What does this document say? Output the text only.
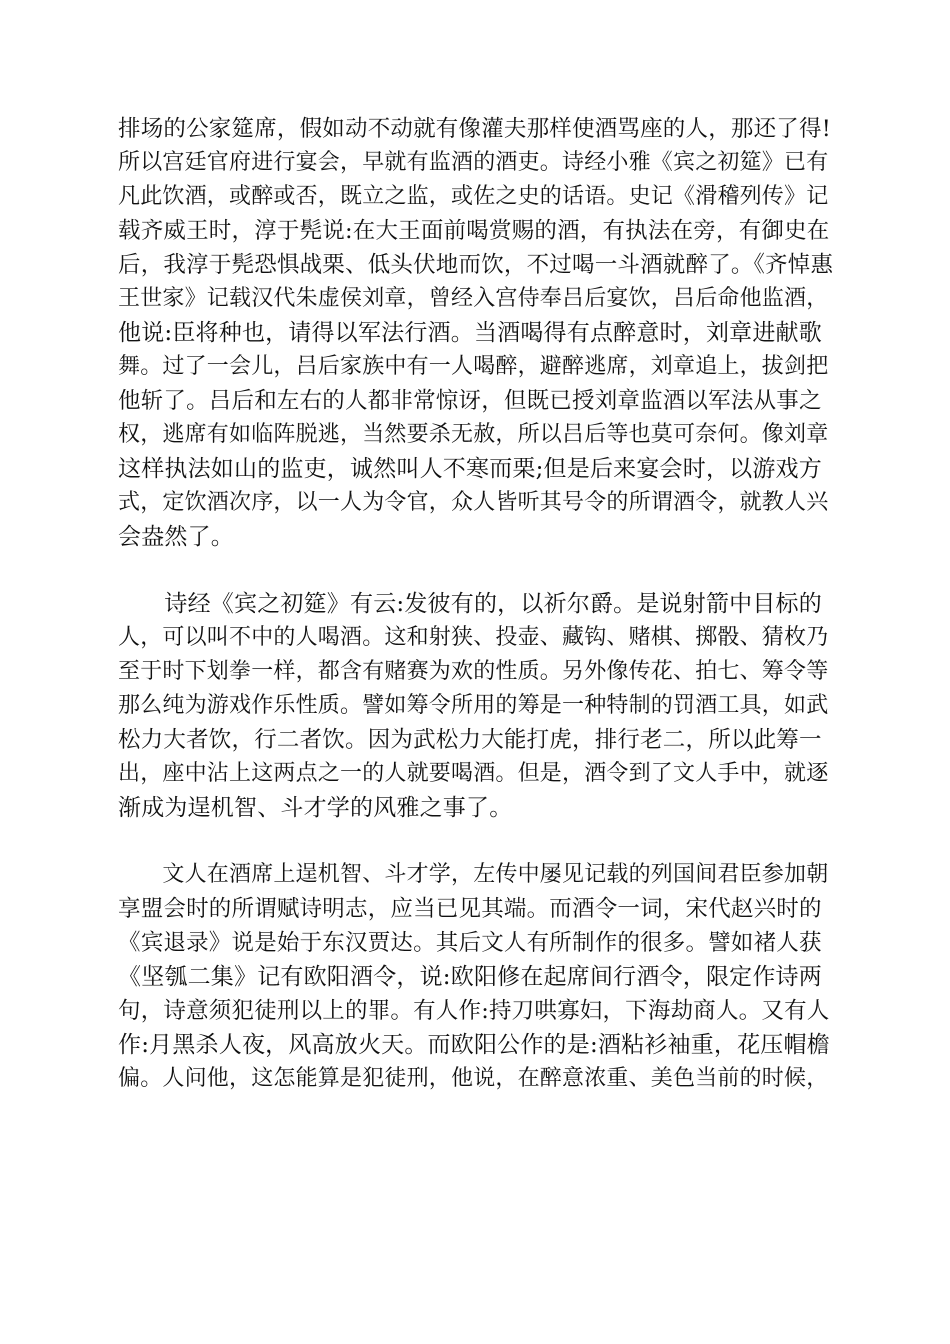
排场的公家筵席，假如动不动就有像灌夫那样使酒骂座的人，那还了得!
所以宫廷官府进行宴会，早就有监酒的酒吏。诗经小雅《宾之初筵》已有
凡此饮酒，或醉或否，既立之监，或佐之史的话语。史记《滑稽列传》记
载齐威王时，淳于髡说:在大王面前喝赏赐的酒，有执法在旁，有御史在
后，我淳于髡恐惧战栗、低头伏地而饮，不过喝一斗酒就醉了。《齐悼惠
王世家》记载汉代朱虚侯刘章，曾经入宫侍奉吕后宴饮，吕后命他监酒，
他说:臣将种也，请得以军法行酒。当酒喝得有点醉意时，刘章进献歌
舞。过了一会儿，吕后家族中有一人喝醉，避醉逃席，刘章追上，拔剑把
他斩了。吕后和左右的人都非常惊讶，但既已授刘章监酒以军法从事之
权，逃席有如临阵脱逃，当然要杀无赦，所以吕后等也莫可奈何。像刘章
这样执法如山的监吏，诚然叫人不寒而栗;但是后来宴会时，以游戏方
式，定饮酒次序，以一人为令官，众人皆听其号令的所谓酒令，就教人兴
会盎然了。
　　诗经《宾之初筵》有云:发彼有的，以祈尔爵。是说射箭中目标的
人，可以叫不中的人喝酒。这和射狭、投壶、藏钩、赌棋、掷骰、猜枚乃
至于时下划拳一样，都含有赌赛为欢的性质。另外像传花、拍七、筹令等
那么纯为游戏作乐性质。譬如筹令所用的筹是一种特制的罚酒工具，如武
松力大者饮，行二者饮。因为武松力大能打虎，排行老二，所以此筹一
出，座中沾上这两点之一的人就要喝酒。但是，酒令到了文人手中，就逐
渐成为逞机智、斗才学的风雅之事了。
　　文人在酒席上逞机智、斗才学，左传中屡见记载的列国间君臣参加朝
享盟会时的所谓赋诗明志，应当已见其端。而酒令一词，宋代赵兴时的
《宾退录》说是始于东汉贾达。其后文人有所制作的很多。譬如褚人获
《坚瓠二集》记有欧阳酒令，说:欧阳修在起席间行酒令，限定作诗两
句，诗意须犯徒刑以上的罪。有人作:持刀哄寡妇，下海劫商人。又有人
作:月黑杀人夜，风高放火天。而欧阳公作的是:酒粘衫袖重，花压帽檐
偏。人问他，这怎能算是犯徒刑，他说，在醉意浓重、美色当前的时候，
